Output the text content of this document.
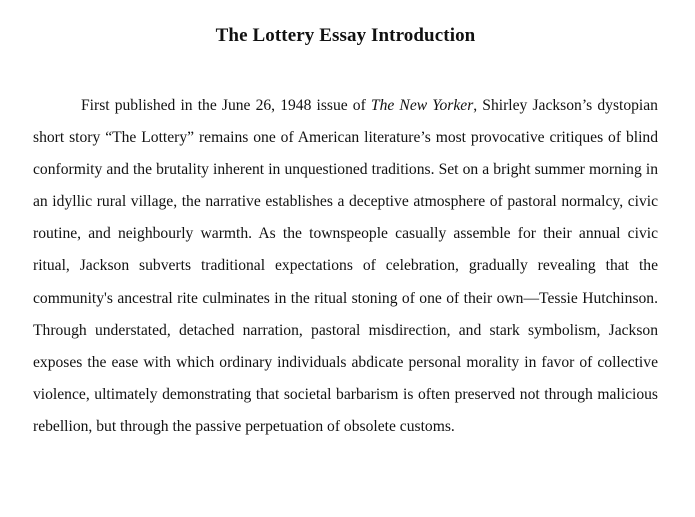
The Lottery Essay Introduction

First published in the June 26, 1948 issue of The New Yorker, Shirley Jackson’s dystopian short story “The Lottery” remains one of American literature’s most provocative critiques of blind conformity and the brutality inherent in unquestioned traditions. Set on a bright summer morning in an idyllic rural village, the narrative establishes a deceptive atmosphere of pastoral normalcy, civic routine, and neighbourly warmth. As the townspeople casually assemble for their annual civic ritual, Jackson subverts traditional expectations of celebration, gradually revealing that the community's ancestral rite culminates in the ritual stoning of one of their own—Tessie Hutchinson. Through understated, detached narration, pastoral misdirection, and stark symbolism, Jackson exposes the ease with which ordinary individuals abdicate personal morality in favor of collective violence, ultimately demonstrating that societal barbarism is often preserved not through malicious rebellion, but through the passive perpetuation of obsolete customs.
